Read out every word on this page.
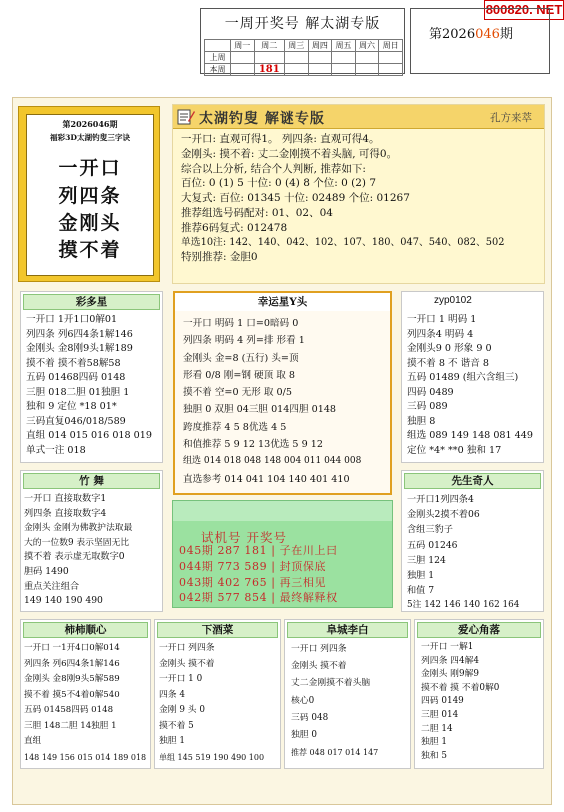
800820. NET
一周开奖号 解太湖专版
	周一	周二	周三	周四	周五	周六	周日
上周							
本周		181					
第2026046期
第2026046期
福彩3D太湖钓叟三字诀
一开口
列四条
金刚头
摸不着
太湖钓叟 解谜专版	孔方来萃
一开口: 直观可得1。 列四条: 直观可得4。
金刚头: 摸不着: 丈二金刚摸不着头脑, 可得0。
综合以上分析, 结合个人判断, 推荐如下:
百位: 0 (1) 5 十位: 0 (4) 8 个位: 0 (2) 7
大复式: 百位: 01345 十位: 02489 个位: 01267
推荐组选号码配对: 01、02、04
推荐6码复式: 012478
单选10注: 142、140、042、102、107、180、047、540、082、502
特别推荐: 金胆0
彩多星
一开口 1开1口0解01
列四条 列6四4条1解146
金刚头 金8刚9头1解189
摸不着 摸不着58解58
五码 01468四码 0148
三胆 018二胆 01独胆 1
独和 9 定位 *18 01*
三码直复046/018/589
直组 014 015 016 018 019
单式一注 018
幸运星Y头
一开口 明码 1 口=0暗码 0
列四条 明码 4 列=排 形看 1
金刚头 金=8 (五行) 头=顶
形看 0/8 刚=钢 硬顶 取 8
摸不着 空=0 无形 取 0/5
独胆 0 双胆 04三胆 014四胆 0148
跨度推荐 4 5 8优选 4 5
和值推荐 5 9 12 13优选 5 9 12
组选 014 018 048 148 004 011 044 008
直选参考 014 041 104 140 401 410
zyp0102
一开口 1 明码 1
列四条4 明码 4
金刚头9 0 形象 9 0
摸不着 8 不 谐音 8
五码 01489 (组六含组三)
四码 0489
三码 089
独胆 8
组选 089 149 148 081 449
定位 *4* **0 独和 17
竹 舞
一开口 直接取数字1
列四条 直接取数字4
金刚头 金刚为佛教护法取最
大的一位数9 表示坚固无比
摸不着 表示虚无取数字0
胆码 1490
重点关注组合
149 140 190 490
试机号 开奖号
045期 287 181 | 子在川上曰
044期 773 589 | 封顶保底
043期 402 765 | 再三相见
042期 577 854 | 最终解释权
先生奇人
一开口1列四条4
金刚头2摸不着06
含组三豹子
五码 01246
三胆 124
独胆 1
和值 7
5注 142 146 140 162 164
柿柿顺心
一开口 一1开4口0解014
列四条 列6四4条1解146
金刚头 金8刚9头5解589
摸不着 摸5不4着0解540
五码 01458四码 0148
三胆 148二胆 14独胆 1
直组
148 149 156 015 014 189 018
下酒菜
一开口 列四条
金刚头 摸不着
一开口 1 0
四条 4
金刚 9 头 0
摸不着 5
独胆 1
单组 145 519 190 490 100
阜城李白
一开口 列四条
金刚头 摸不着
丈二金刚摸不着头脑
核心0
三码 048
独胆 0
推荐 048 017 014 147
爱心角落
一开口 一解1
列四条 四4解4
金刚头 刚9解9
摸不着 摸 不着0解0
四码 0149
三胆 014
二胆 14
独胆 1
独和 5
